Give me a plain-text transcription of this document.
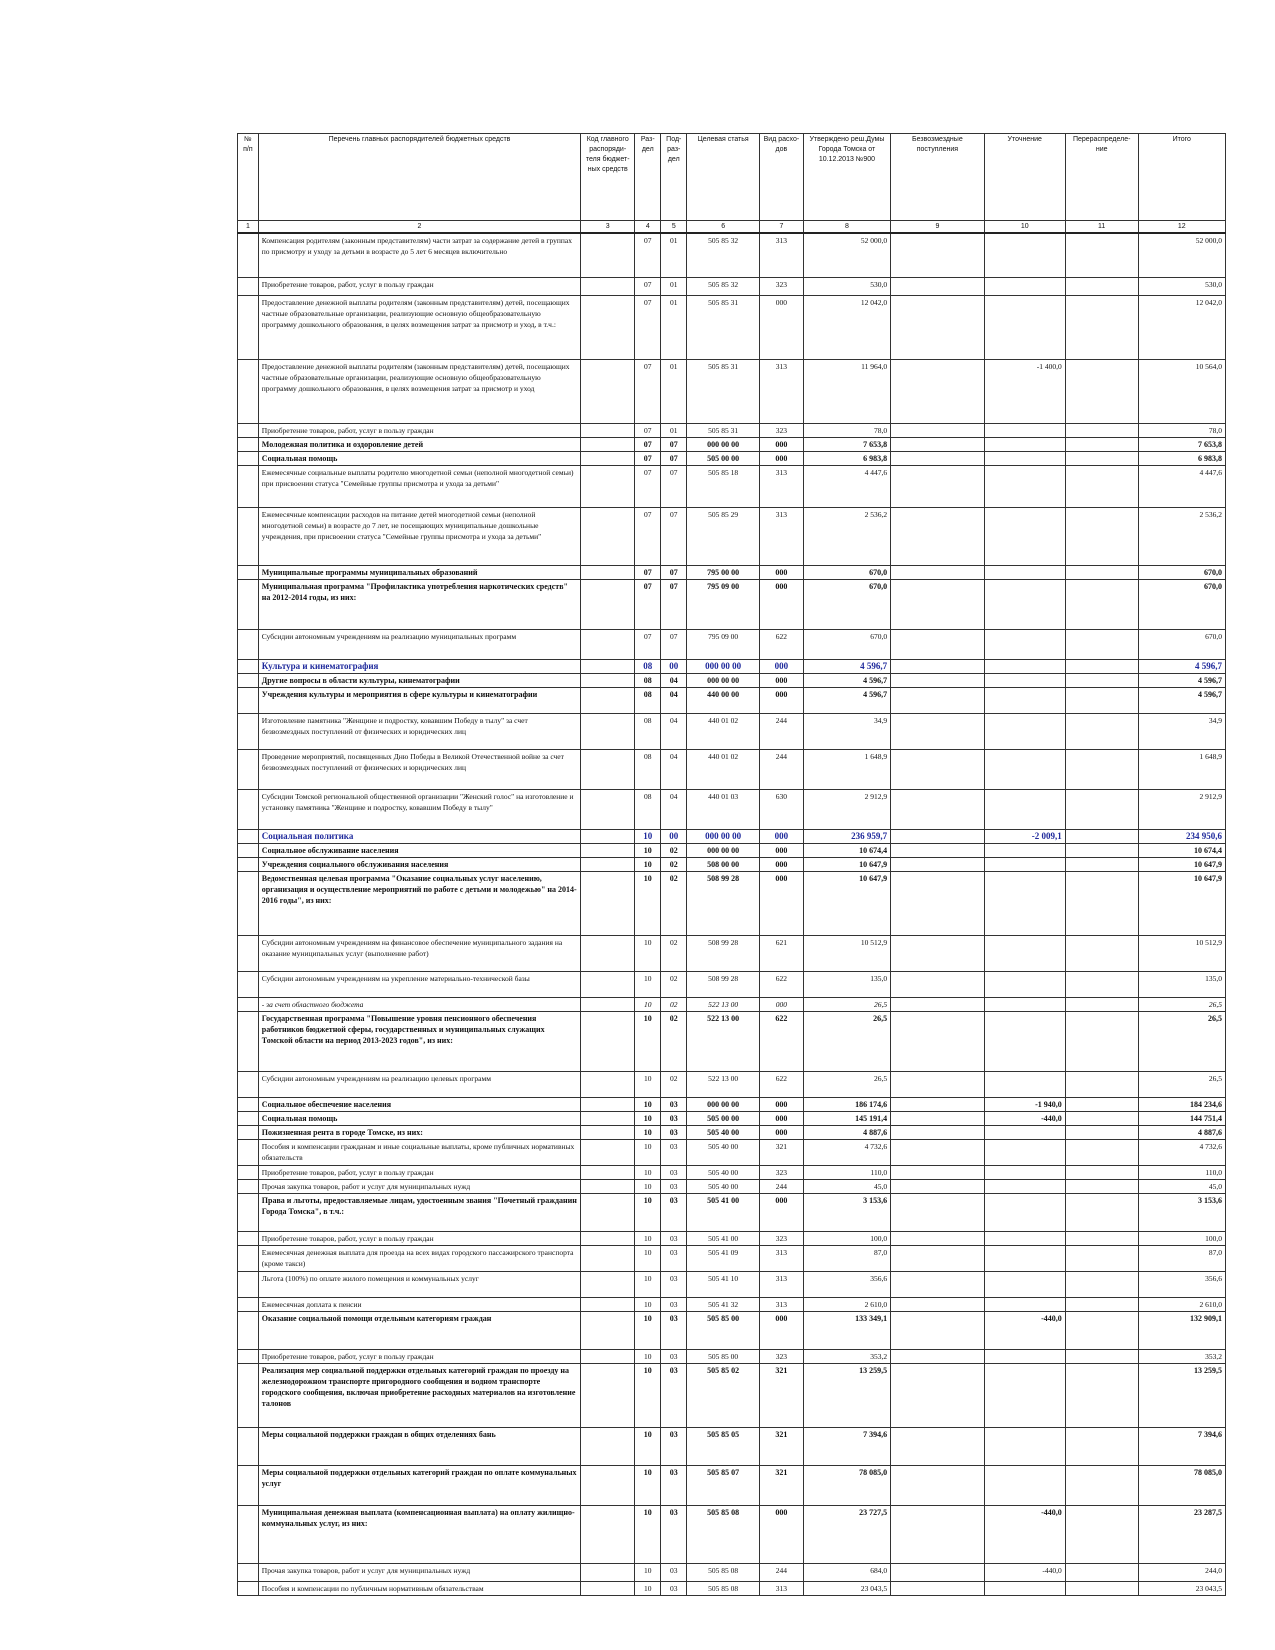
№ п/п	Перечень главных распорядителей бюджетных средств	Код главного распоряди-теля бюджет-ных средств	Раз-дел	Под-раз-дел	Целевая статья	Вид расхо-дов	Утверждено реш.Думы Города Томска от 10.12.2013 №900	Безвозмездные поступления	Уточнение	Перераспределе-ние	Итого
1	2	3	4	5	6	7	8	9	10	11	12
	Компенсация родителям (законным представителям) части затрат за содержание детей в группах по присмотру и уходу за детьми в возрасте до 5 лет 6 месяцев включительно		07	01	505 85 32	313	52 000,0				52 000,0
	Приобретение товаров, работ, услуг в пользу граждан		07	01	505 85 32	323	530,0				530,0
	Предоставление денежной выплаты родителям (законным представителям) детей, посещающих частные образовательные организации, реализующие основную общеобразовательную программу дошкольного образования, в целях возмещения затрат за присмотр и уход, в т.ч.:		07	01	505 85 31	000	12 042,0				12 042,0
	Предоставление денежной выплаты родителям (законным представителям) детей, посещающих частные образовательные организации, реализующие основную общеобразовательную программу дошкольного образования, в целях возмещения затрат за присмотр и уход		07	01	505 85 31	313	11 964,0		-1 400,0		10 564,0
	Приобретение товаров, работ, услуг в пользу граждан		07	01	505 85 31	323	78,0				78,0
	Молодежная политика и оздоровление детей		07	07	000 00 00	000	7 653,8				7 653,8
	Социальная помощь		07	07	505 00 00	000	6 983,8				6 983,8
	Ежемесячные социальные выплаты родителю многодетной семьи (неполной многодетной семьи) при присвоении статуса "Семейные группы присмотра и ухода за детьми"		07	07	505 85 18	313	4 447,6				4 447,6
	Ежемесячные компенсации расходов на питание детей многодетной семьи (неполной многодетной семьи) в возрасте до 7 лет, не посещающих муниципальные дошкольные учреждения, при присвоении статуса "Семейные группы присмотра и ухода за детьми"		07	07	505 85 29	313	2 536,2				2 536,2
	Муниципальные программы муниципальных образований		07	07	795 00 00	000	670,0				670,0
	Муниципальная программа "Профилактика употребления наркотических средств" на 2012-2014 годы, из них:		07	07	795 09 00	000	670,0				670,0
	Субсидии автономным учреждениям на реализацию муниципальных программ		07	07	795 09 00	622	670,0				670,0
	Культура и кинематография		08	00	000 00 00	000	4 596,7				4 596,7
	Другие вопросы в области культуры, кинематографии		08	04	000 00 00	000	4 596,7				4 596,7
	Учреждения культуры и мероприятия в сфере культуры и кинематографии		08	04	440 00 00	000	4 596,7				4 596,7
	Изготовление памятника "Женщине и подростку, ковавшим Победу в тылу" за счет безвозмездных поступлений от физических и юридических лиц		08	04	440 01 02	244	34,9				34,9
	Проведение мероприятий, посвященных Дню Победы в Великой Отечественной войне за счет безвозмездных поступлений от физических и юридических лиц		08	04	440 01 02	244	1 648,9				1 648,9
	Субсидии Томской региональной общественной организации "Женский голос" на изготовление и установку памятника "Женщине и подростку, ковавшим Победу в тылу"		08	04	440 01 03	630	2 912,9				2 912,9
	Социальная политика		10	00	000 00 00	000	236 959,7		-2 009,1		234 950,6
	Социальное обслуживание населения		10	02	000 00 00	000	10 674,4				10 674,4
	Учреждения социального обслуживания населения		10	02	508 00 00	000	10 647,9				10 647,9
	Ведомственная целевая программа "Оказание социальных услуг населению, организация и осуществление мероприятий по работе с детьми и молодежью" на 2014-2016 годы", из них:		10	02	508 99 28	000	10 647,9				10 647,9
	Субсидии автономным учреждениям на финансовое обеспечение муниципального задания на оказание муниципальных услуг (выполнение работ)		10	02	508 99 28	621	10 512,9				10 512,9
	Субсидии автономным учреждениям на укрепление материально-технической базы		10	02	508 99 28	622	135,0				135,0
	- за счет областного бюджета		10	02	522 13 00	000	26,5				26,5
	Государственная программа "Повышение уровня пенсионного обеспечения работников бюджетной сферы, государственных и муниципальных служащих Томской области на период 2013-2023 годов", из них:		10	02	522 13 00	622	26,5				26,5
	Субсидии автономным учреждениям на реализацию целевых программ		10	02	522 13 00	622	26,5				26,5
	Социальное обеспечение населения		10	03	000 00 00	000	186 174,6		-1 940,0		184 234,6
	Социальная помощь		10	03	505 00 00	000	145 191,4		-440,0		144 751,4
	Пожизненная рента в городе Томске, из них:		10	03	505 40 00	000	4 887,6				4 887,6
	Пособия и компенсации гражданам и иные социальные выплаты, кроме публичных нормативных обязательств		10	03	505 40 00	321	4 732,6				4 732,6
	Приобретение товаров, работ, услуг в пользу граждан		10	03	505 40 00	323	110,0				110,0
	Прочая закупка товаров, работ и услуг для муниципальных нужд		10	03	505 40 00	244	45,0				45,0
	Права и льготы, предоставляемые лицам, удостоенным звания "Почетный гражданин Города Томска", в т.ч.:		10	03	505 41 00	000	3 153,6				3 153,6
	Приобретение товаров, работ, услуг в пользу граждан		10	03	505 41 00	323	100,0				100,0
	Ежемесячная денежная выплата для проезда на всех видах городского пассажирского транспорта (кроме такси)		10	03	505 41 09	313	87,0				87,0
	Льгота (100%) по оплате жилого помещения и коммунальных услуг		10	03	505 41 10	313	356,6				356,6
	Ежемесячная доплата к пенсии		10	03	505 41 32	313	2 610,0				2 610,0
	Оказание социальной помощи отдельным категориям граждан		10	03	505 85 00	000	133 349,1		-440,0		132 909,1
	Приобретение товаров, работ, услуг в пользу граждан		10	03	505 85 00	323	353,2				353,2
	Реализация мер социальной поддержки отдельных категорий граждан по проезду на железнодорожном транспорте пригородного сообщения и водном транспорте городского сообщения, включая приобретение расходных материалов на изготовление талонов		10	03	505 85 02	321	13 259,5				13 259,5
	Меры социальной поддержки граждан в общих отделениях бань		10	03	505 85 05	321	7 394,6				7 394,6
	Меры социальной поддержки отдельных категорий граждан по оплате коммунальных услуг		10	03	505 85 07	321	78 085,0				78 085,0
	Муниципальная денежная выплата (компенсационная выплата) на оплату жилищно-коммунальных услуг, из них:		10	03	505 85 08	000	23 727,5		-440,0		23 287,5
	Прочая закупка товаров, работ и услуг для муниципальных нужд		10	03	505 85 08	244	684,0		-440,0		244,0
	Пособия и компенсации по публичным нормативным обязательствам		10	03	505 85 08	313	23 043,5				23 043,5
